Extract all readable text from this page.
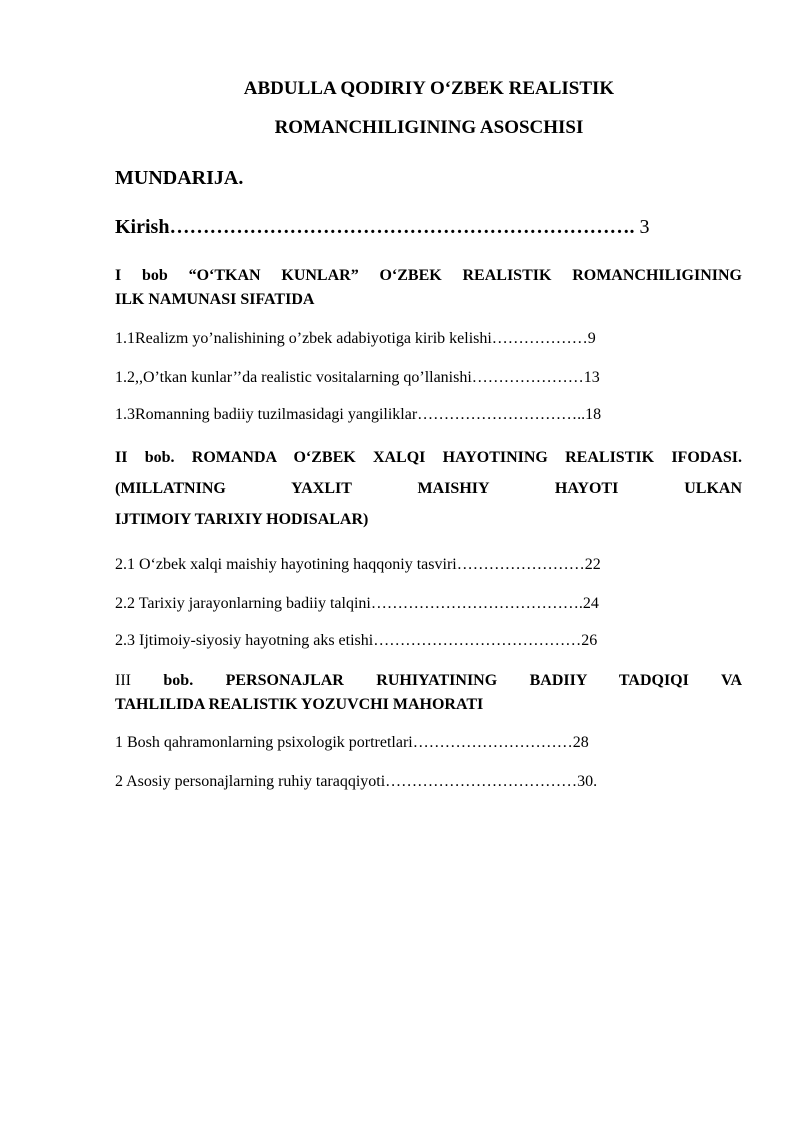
ABDULLA QODIRIY O‘ZBEK REALISTIK
ROMANCHILIGINING ASOSCHISI
MUNDARIJA.
Kirish……………………………………………………………. 3
I bob “O‘TKAN KUNLAR” O‘ZBEK REALISTIK ROMANCHILIGINING
ILK NAMUNASI SIFATIDA
1.1Realizm yo’nalishining o’zbek adabiyotiga kirib kelishi………………9
1.2,,O’tkan kunlar’’da realistic vositalarning qo’llanishi…………………13
1.3Romanning badiiy tuzilmasidagi yangiliklar…………………………..18
II bob. ROMANDA O‘ZBEK XALQI HAYOTINING REALISTIK IFODASI. (MILLATNING YAXLIT MAISHIY HAYOTI ULKAN
IJTIMOIY TARIXIY HODISALAR)
2.1 O‘zbek xalqi maishiy hayotining haqqoniy tasviri……………………22
2.2 Tarixiy jarayonlarning badiiy talqini………………………………….24
2.3 Ijtimoiy-siyosiy hayotning aks etishi…………………………………26
III bob. PERSONAJLAR RUHIYATINING BADIIY TADQIQI VA
TAHLILIDA REALISTIK YOZUVCHI MAHORATI
1 Bosh qahramonlarning psixologik portretlari…………………………28
2 Asosiy personajlarning ruhiy taraqqiyoti………………………………30.
